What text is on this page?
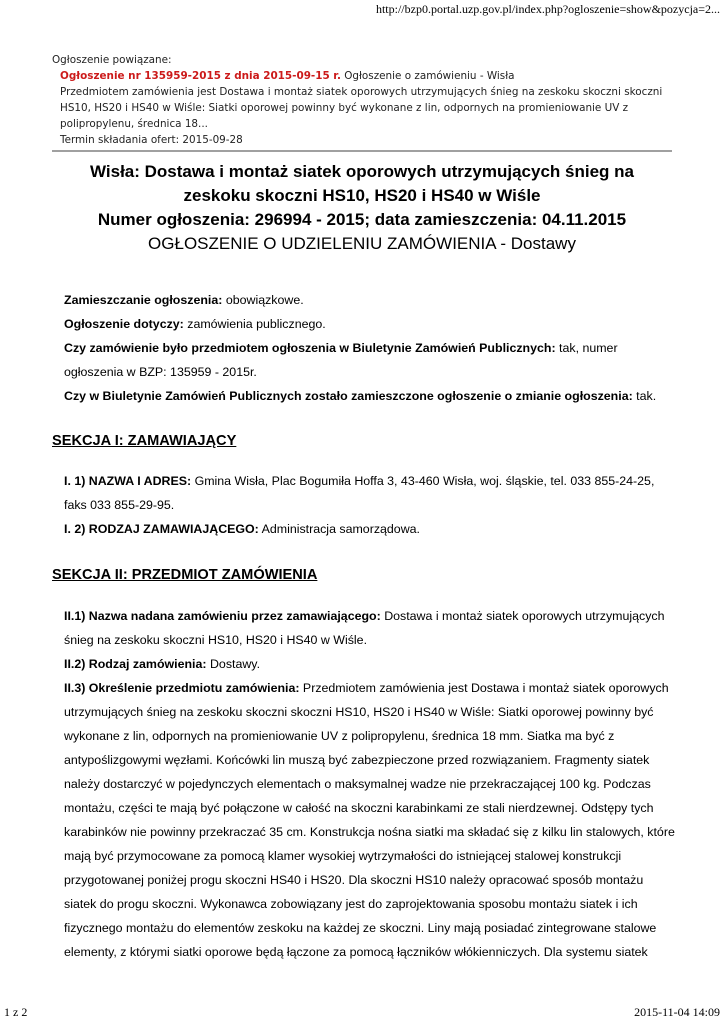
http://bzp0.portal.uzp.gov.pl/index.php?ogloszenie=show&pozycja=2...

Ogłoszenie powiązane:

Ogłoszenie nr 135959-2015 z dnia 2015-09-15 r. Ogłoszenie o zamówieniu - Wisła

Przedmiotem zamówienia jest Dostawa i montaż siatek oporowych utrzymujących śnieg na zeskoku skoczni skoczni

HS10, HS20 i HS40 w Wiśle: Siatki oporowej powinny być wykonane z lin, odpornych na promieniowanie UV z

polipropylenu, średnica 18...

Termin składania ofert: 2015-09-28

Wisła: Dostawa i montaż siatek oporowych utrzymujących śnieg na

zeskoku skoczni HS10, HS20 i HS40 w Wiśle

Numer ogłoszenia: 296994 - 2015; data zamieszczenia: 04.11.2015

OGŁOSZENIE O UDZIELENIU ZAMÓWIENIA - Dostawy

Zamieszczanie ogłoszenia: obowiązkowe.

Ogłoszenie dotyczy: zamówienia publicznego.

Czy zamówienie było przedmiotem ogłoszenia w Biuletynie Zamówień Publicznych: tak, numer ogłoszenia w BZP: 135959 - 2015r.

Czy w Biuletynie Zamówień Publicznych zostało zamieszczone ogłoszenie o zmianie ogłoszenia: tak.

SEKCJA I: ZAMAWIAJĄCY

I. 1) NAZWA I ADRES: Gmina Wisła, Plac Bogumiła Hoffa 3, 43-460 Wisła, woj. śląskie, tel. 033 855-24-25, faks 033 855-29-95.

I. 2) RODZAJ ZAMAWIAJĄCEGO: Administracja samorządowa.

SEKCJA II: PRZEDMIOT ZAMÓWIENIA

II.1) Nazwa nadana zamówieniu przez zamawiającego: Dostawa i montaż siatek oporowych utrzymujących śnieg na zeskoku skoczni HS10, HS20 i HS40 w Wiśle.

II.2) Rodzaj zamówienia: Dostawy.

II.3) Określenie przedmiotu zamówienia: Przedmiotem zamówienia jest Dostawa i montaż siatek oporowych utrzymujących śnieg na zeskoku skoczni skoczni HS10, HS20 i HS40 w Wiśle: Siatki oporowej powinny być wykonane z lin, odpornych na promieniowanie UV z polipropylenu, średnica 18 mm. Siatka ma być z antypoślizgowymi węzłami. Końcówki lin muszą być zabezpieczone przed rozwiązaniem. Fragmenty siatek należy dostarczyć w pojedynczych elementach o maksymalnej wadze nie przekraczającej 100 kg. Podczas montażu, części te mają być połączone w całość na skoczni karabinkami ze stali nierdzewnej. Odstępy tych karabinków nie powinny przekraczać 35 cm. Konstrukcja nośna siatki ma składać się z kilku lin stalowych, które mają być przymocowane za pomocą klamer wysokiej wytrzymałości do istniejącej stalowej konstrukcji przygotowanej poniżej progu skoczni HS40 i HS20. Dla skoczni HS10 należy opracować sposób montażu siatek do progu skoczni. Wykonawca zobowiązany jest do zaprojektowania sposobu montażu siatek i ich fizycznego montażu do elementów zeskoku na każdej ze skoczni. Liny mają posiadać zintegrowane stalowe elementy, z którymi siatki oporowe będą łączone za pomocą łączników włókienniczych. Dla systemu siatek

1 z 2	2015-11-04 14:09
